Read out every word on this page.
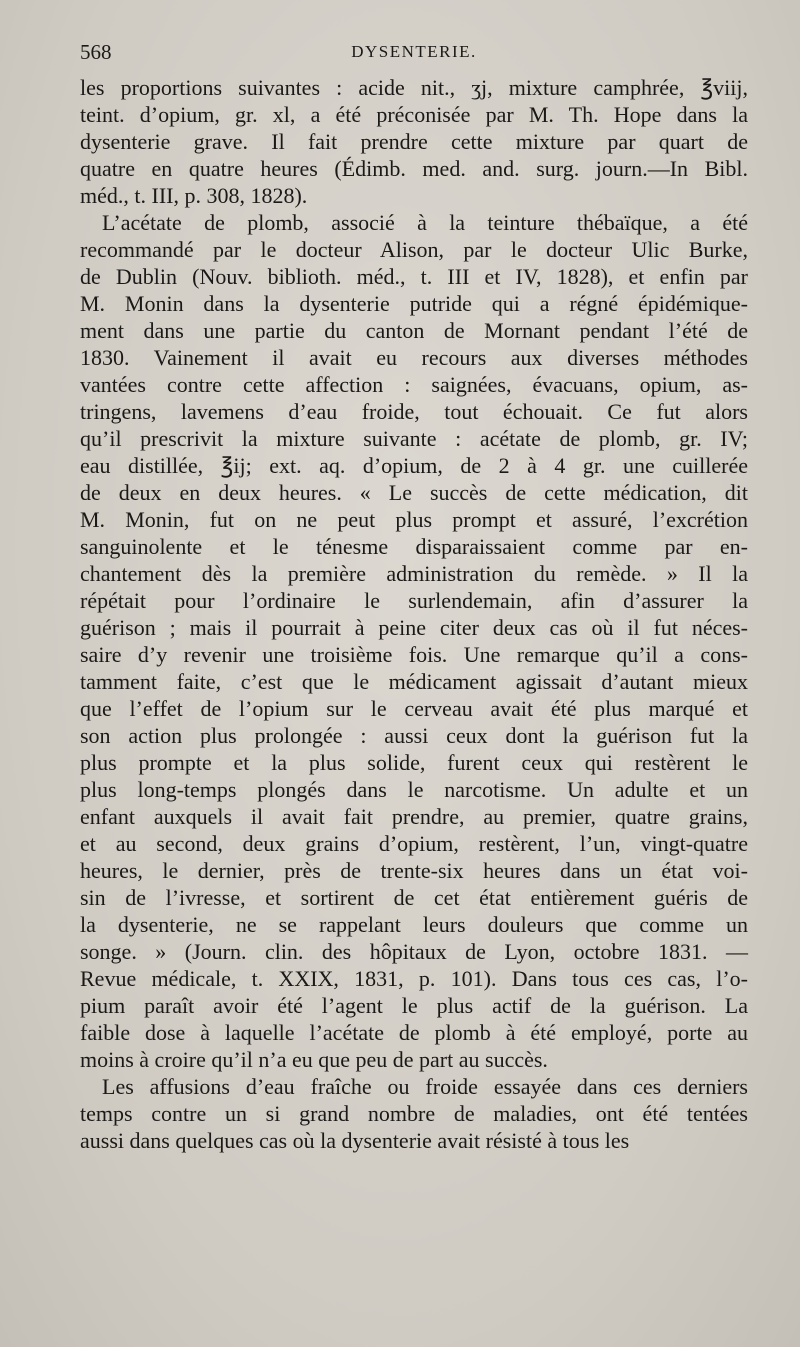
568	DYSENTERIE.
les proportions suivantes : acide nit., ʒj, mixture camphrée, ℥viij,
teint. d’opium, gr. xl, a été préconisée par M. Th. Hope dans la
dysenterie grave. Il fait prendre cette mixture par quart de
quatre en quatre heures (Édimb. med. and. surg. journ.—In Bibl.
méd., t. III, p. 308, 1828).
L’acétate de plomb, associé à la teinture thébaïque, a été
recommandé par le docteur Alison, par le docteur Ulic Burke,
de Dublin (Nouv. biblioth. méd., t. III et IV, 1828), et enfin par
M. Monin dans la dysenterie putride qui a régné épidémique-
ment dans une partie du canton de Mornant pendant l’été de
1830. Vainement il avait eu recours aux diverses méthodes
vantées contre cette affection : saignées, évacuans, opium, as-
tringens, lavemens d’eau froide, tout échouait. Ce fut alors
qu’il prescrivit la mixture suivante : acétate de plomb, gr. IV;
eau distillée, ℥ij; ext. aq. d’opium, de 2 à 4 gr. une cuillerée
de deux en deux heures. « Le succès de cette médication, dit
M. Monin, fut on ne peut plus prompt et assuré, l’excrétion
sanguinolente et le ténesme disparaissaient comme par en-
chantement dès la première administration du remède. » Il la
répétait pour l’ordinaire le surlendemain, afin d’assurer la
guérison ; mais il pourrait à peine citer deux cas où il fut néces-
saire d’y revenir une troisième fois. Une remarque qu’il a cons-
tamment faite, c’est que le médicament agissait d’autant mieux
que l’effet de l’opium sur le cerveau avait été plus marqué et
son action plus prolongée : aussi ceux dont la guérison fut la
plus prompte et la plus solide, furent ceux qui restèrent le
plus long-temps plongés dans le narcotisme. Un adulte et un
enfant auxquels il avait fait prendre, au premier, quatre grains,
et au second, deux grains d’opium, restèrent, l’un, vingt-quatre
heures, le dernier, près de trente-six heures dans un état voi-
sin de l’ivresse, et sortirent de cet état entièrement guéris de
la dysenterie, ne se rappelant leurs douleurs que comme un
songe. » (Journ. clin. des hôpitaux de Lyon, octobre 1831. —
Revue médicale, t. XXIX, 1831, p. 101). Dans tous ces cas, l’o-
pium paraît avoir été l’agent le plus actif de la guérison. La
faible dose à laquelle l’acétate de plomb à été employé, porte au
moins à croire qu’il n’a eu que peu de part au succès.
Les affusions d’eau fraîche ou froide essayée dans ces derniers
temps contre un si grand nombre de maladies, ont été tentées
aussi dans quelques cas où la dysenterie avait résisté à tous les
